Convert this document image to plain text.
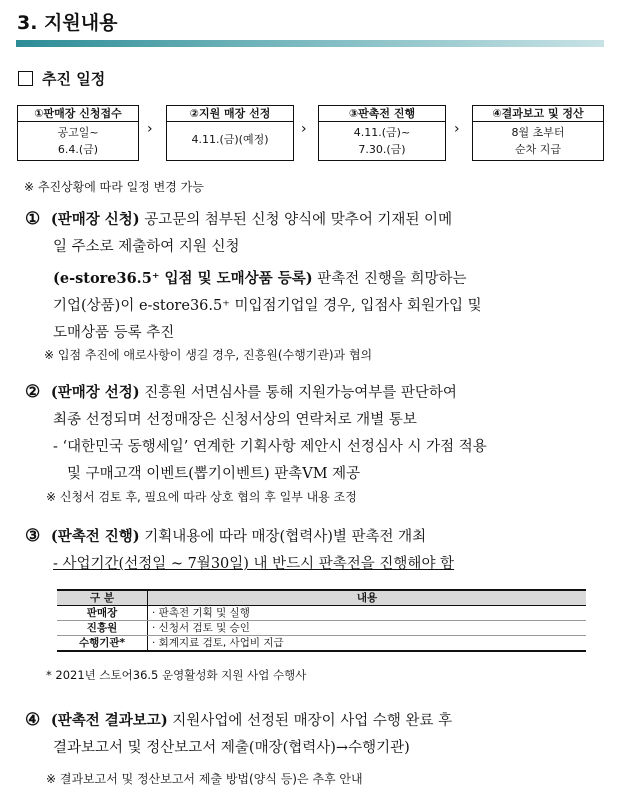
3. 지원내용
추진 일정
①판매장 신청접수
공고일~
6.4.(금)
›
②지원 매장 선정
4.11.(금)(예정)
›
③판촉전 진행
4.11.(금)~
7.30.(금)
›
④결과보고 및 정산
8월 초부터
순차 지급
※ 추진상황에 따라 일정 변경 가능
① (판매장 신청) 공고문의 첨부된 신청 양식에 맞추어 기재된 이메
일 주소로 제출하여 지원 신청
(e-store36.5⁺ 입점 및 도매상품 등록) 판촉전 진행을 희망하는
기업(상품)이 e-store36.5⁺ 미입점기업일 경우, 입점사 회원가입 및
도매상품 등록 추진
※ 입점 추진에 애로사항이 생길 경우, 진흥원(수행기관)과 협의
② (판매장 선정) 진흥원 서면심사를 통해 지원가능여부를 판단하여
최종 선정되며 선정매장은 신청서상의 연락처로 개별 통보
- ‘대한민국 동행세일’ 연계한 기획사항 제안시 선정심사 시 가점 적용
및 구매고객 이벤트(뽑기이벤트) 판촉VM 제공
※ 신청서 검토 후, 필요에 따라 상호 협의 후 일부 내용 조정
③ (판촉전 진행) 기획내용에 따라 매장(협력사)별 판촉전 개최
- 사업기간(선정일 ~ 7월30일) 내 반드시 판촉전을 진행해야 함
구 분	내용
판매장	· 판촉전 기획 및 실행
진흥원	· 신청서 검토 및 승인
수행기관*	· 회계지료 검토, 사업비 지급
* 2021년 스토어36.5 운영활성화 지원 사업 수행사
④ (판촉전 결과보고) 지원사업에 선정된 매장이 사업 수행 완료 후
결과보고서 및 정산보고서 제출(매장(협력사)→수행기관)
※ 결과보고서 및 정산보고서 제출 방법(양식 등)은 추후 안내
